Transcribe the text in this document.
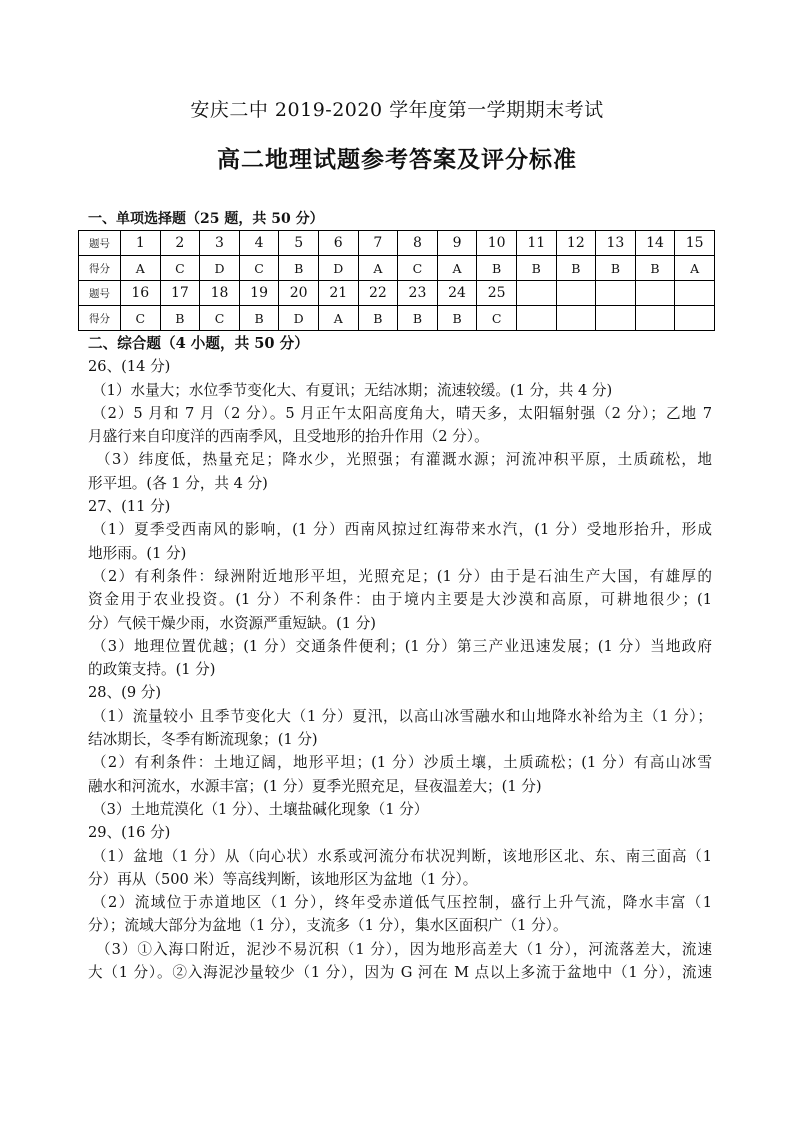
安庆二中 2019-2020 学年度第一学期期末考试
高二地理试题参考答案及评分标准
一、单项选择题（25 题，共 50 分）
题号	1	2	3	4	5	6	7	8	9	10	11	12	13	14	15
得分	A	C	D	C	B	D	A	C	A	B	B	B	B	B	A
题号	16	17	18	19	20	21	22	23	24	25					
得分	C	B	C	B	D	A	B	B	B	C					
二、综合题（4 小题，共 50 分）
26、(14 分)
（1）水量大；水位季节变化大、有夏讯；无结冰期；流速较缓。(1 分，共 4 分)
（2）5 月和 7 月（2 分）。5 月正午太阳高度角大，晴天多，太阳辐射强（2 分）；乙地 7
月盛行来自印度洋的西南季风，且受地形的抬升作用（2 分）。
（3）纬度低，热量充足；降水少，光照强；有灌溉水源；河流冲积平原，土质疏松，地
形平坦。(各 1 分，共 4 分)
27、(11 分)
（1）夏季受西南风的影响，(1 分）西南风掠过红海带来水汽，(1 分）受地形抬升，形成
地形雨。(1 分)
（2）有利条件：绿洲附近地形平坦，光照充足；(1 分）由于是石油生产大国，有雄厚的
资金用于农业投资。(1 分）不利条件：由于境内主要是大沙漠和高原，可耕地很少；(1
分）气候干燥少雨，水资源严重短缺。(1 分)
（3）地理位置优越；(1 分）交通条件便利；(1 分）第三产业迅速发展；(1 分）当地政府
的政策支持。(1 分)
28、(9 分)
（1）流量较小 且季节变化大（1 分）夏汛，以高山冰雪融水和山地降水补给为主（1 分）；
结冰期长，冬季有断流现象；(1 分)
（2）有利条件：土地辽阔，地形平坦；(1 分）沙质土壤，土质疏松；(1 分）有高山冰雪
融水和河流水，水源丰富；(1 分）夏季光照充足，昼夜温差大；(1 分)
（3）土地荒漠化（1 分）、土壤盐碱化现象（1 分）
29、(16 分)
（1）盆地（1 分）从（向心状）水系或河流分布状况判断，该地形区北、东、南三面高（1
分）再从（500 米）等高线判断，该地形区为盆地（1 分）。
（2）流域位于赤道地区（1 分），终年受赤道低气压控制，盛行上升气流，降水丰富（1
分）；流域大部分为盆地（1 分），支流多（1 分），集水区面积广（1 分）。
（3）①入海口附近，泥沙不易沉积（1 分），因为地形高差大（1 分），河流落差大，流速
大（1 分）。②入海泥沙量较少（1 分），因为 G 河在 M 点以上多流于盆地中（1 分），流速
